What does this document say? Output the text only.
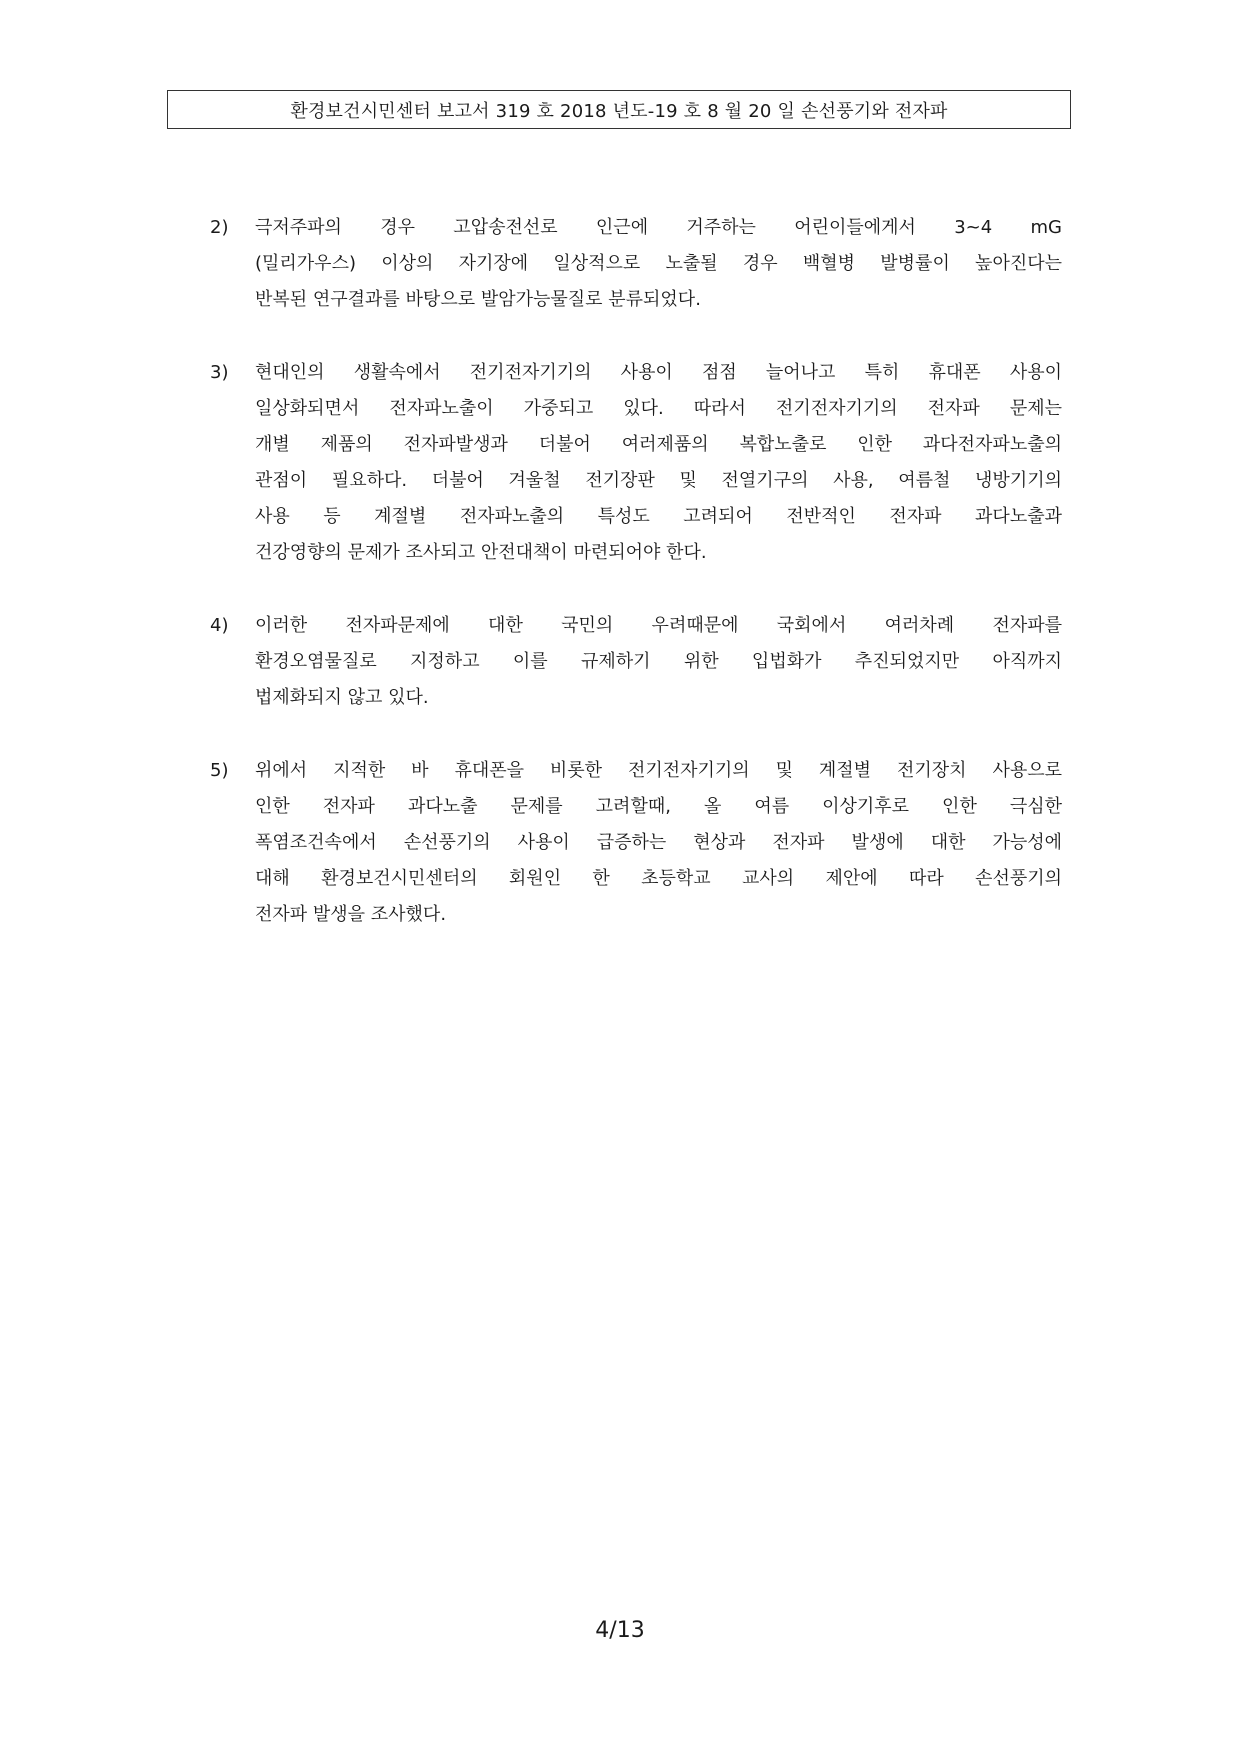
환경보건시민센터 보고서 319 호 2018 년도-19 호 8 월 20 일 손선풍기와 전자파
2)	극저주파의 경우 고압송전선로 인근에 거주하는 어린이들에게서 3~4 mG
(밀리가우스) 이상의 자기장에 일상적으로 노출될 경우 백혈병 발병률이 높아진다는
반복된 연구결과를 바탕으로 발암가능물질로 분류되었다.
3)	현대인의 생활속에서 전기전자기기의 사용이 점점 늘어나고 특히 휴대폰 사용이
일상화되면서 전자파노출이 가중되고 있다. 따라서 전기전자기기의 전자파 문제는
개별 제품의 전자파발생과 더불어 여러제품의 복합노출로 인한 과다전자파노출의
관점이 필요하다. 더불어 겨울철 전기장판 및 전열기구의 사용, 여름철 냉방기기의
사용 등 계절별 전자파노출의 특성도 고려되어 전반적인 전자파 과다노출과
건강영향의 문제가 조사되고 안전대책이 마련되어야 한다.
4)	이러한 전자파문제에 대한 국민의 우려때문에 국회에서 여러차례 전자파를
환경오염물질로 지정하고 이를 규제하기 위한 입법화가 추진되었지만 아직까지
법제화되지 않고 있다.
5)	위에서 지적한 바 휴대폰을 비롯한 전기전자기기의 및 계절별 전기장치 사용으로
인한 전자파 과다노출 문제를 고려할때, 올 여름 이상기후로 인한 극심한
폭염조건속에서 손선풍기의 사용이 급증하는 현상과 전자파 발생에 대한 가능성에
대해 환경보건시민센터의 회원인 한 초등학교 교사의 제안에 따라 손선풍기의
전자파 발생을 조사했다.
4/13
